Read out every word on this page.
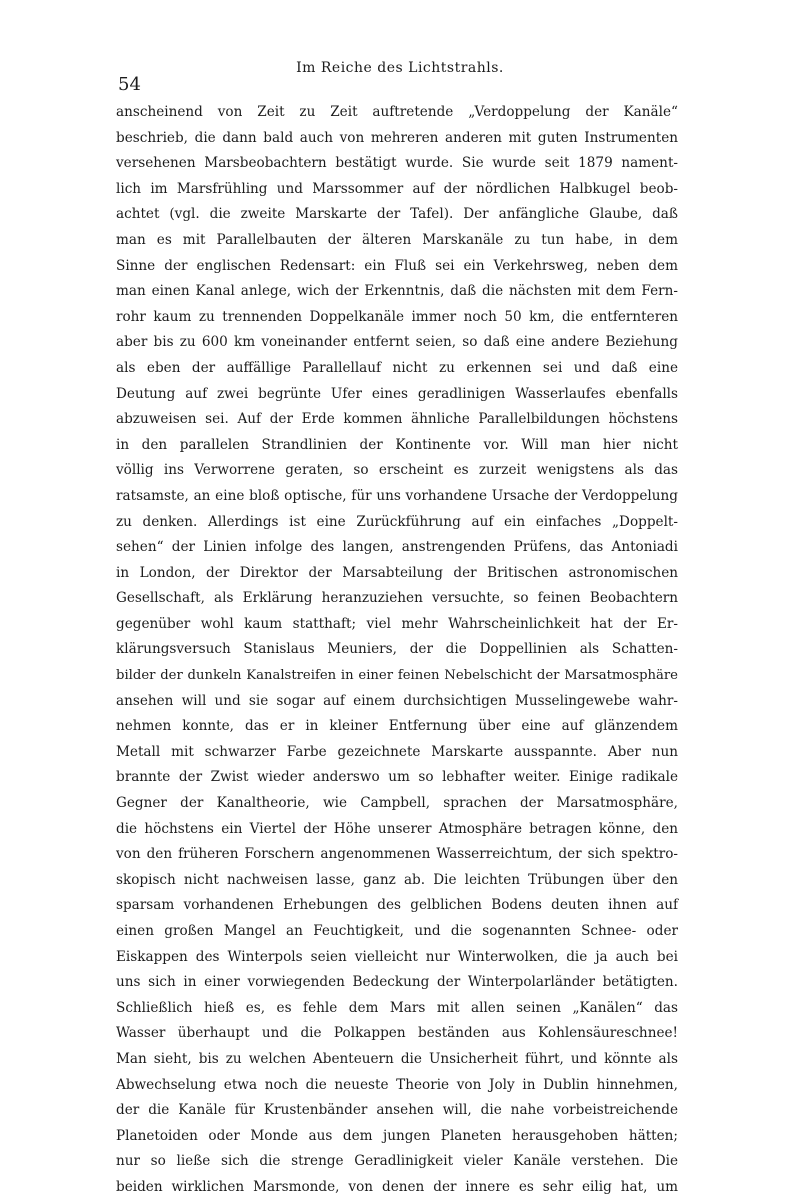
Im Reiche des Lichtstrahls.
54
anscheinend von Zeit zu Zeit auftretende „Verdoppelung der Kanäle“
beschrieb, die dann bald auch von mehreren anderen mit guten Instrumenten
versehenen Marsbeobachtern bestätigt wurde. Sie wurde seit 1879 nament-
lich im Marsfrühling und Marssommer auf der nördlichen Halbkugel beob-
achtet (vgl. die zweite Marskarte der Tafel). Der anfängliche Glaube, daß
man es mit Parallelbauten der älteren Marskanäle zu tun habe, in dem
Sinne der englischen Redensart: ein Fluß sei ein Verkehrsweg, neben dem
man einen Kanal anlege, wich der Erkenntnis, daß die nächsten mit dem Fern-
rohr kaum zu trennenden Doppelkanäle immer noch 50 km, die entfernteren
aber bis zu 600 km voneinander entfernt seien, so daß eine andere Beziehung
als eben der auffällige Parallellauf nicht zu erkennen sei und daß eine
Deutung auf zwei begrünte Ufer eines geradlinigen Wasserlaufes ebenfalls
abzuweisen sei. Auf der Erde kommen ähnliche Parallelbildungen höchstens
in den parallelen Strandlinien der Kontinente vor. Will man hier nicht
völlig ins Verworrene geraten, so erscheint es zurzeit wenigstens als das
ratsamste, an eine bloß optische, für uns vorhandene Ursache der Verdoppelung
zu denken. Allerdings ist eine Zurückführung auf ein einfaches „Doppelt-
sehen“ der Linien infolge des langen, anstrengenden Prüfens, das Antoniadi
in London, der Direktor der Marsabteilung der Britischen astronomischen
Gesellschaft, als Erklärung heranzuziehen versuchte, so feinen Beobachtern
gegenüber wohl kaum statthaft; viel mehr Wahrscheinlichkeit hat der Er-
klärungsversuch Stanislaus Meuniers, der die Doppellinien als Schatten-
bilder der dunkeln Kanalstreifen in einer feinen Nebelschicht der Marsatmosphäre
ansehen will und sie sogar auf einem durchsichtigen Musselingewebe wahr-
nehmen konnte, das er in kleiner Entfernung über eine auf glänzendem
Metall mit schwarzer Farbe gezeichnete Marskarte ausspannte. Aber nun
brannte der Zwist wieder anderswo um so lebhafter weiter. Einige radikale
Gegner der Kanaltheorie, wie Campbell, sprachen der Marsatmosphäre,
die höchstens ein Viertel der Höhe unserer Atmosphäre betragen könne, den
von den früheren Forschern angenommenen Wasserreichtum, der sich spektro-
skopisch nicht nachweisen lasse, ganz ab. Die leichten Trübungen über den
sparsam vorhandenen Erhebungen des gelblichen Bodens deuten ihnen auf
einen großen Mangel an Feuchtigkeit, und die sogenannten Schnee- oder
Eiskappen des Winterpols seien vielleicht nur Winterwolken, die ja auch bei
uns sich in einer vorwiegenden Bedeckung der Winterpolarländer betätigten.
Schließlich hieß es, es fehle dem Mars mit allen seinen „Kanälen“ das
Wasser überhaupt und die Polkappen beständen aus Kohlensäureschnee!
Man sieht, bis zu welchen Abenteuern die Unsicherheit führt, und könnte als
Abwechselung etwa noch die neueste Theorie von Joly in Dublin hinnehmen,
der die Kanäle für Krustenbänder ansehen will, die nahe vorbeistreichende
Planetoiden oder Monde aus dem jungen Planeten herausgehoben hätten;
nur so ließe sich die strenge Geradlinigkeit vieler Kanäle verstehen. Die
beiden wirklichen Marsmonde, von denen der innere es sehr eilig hat, um
